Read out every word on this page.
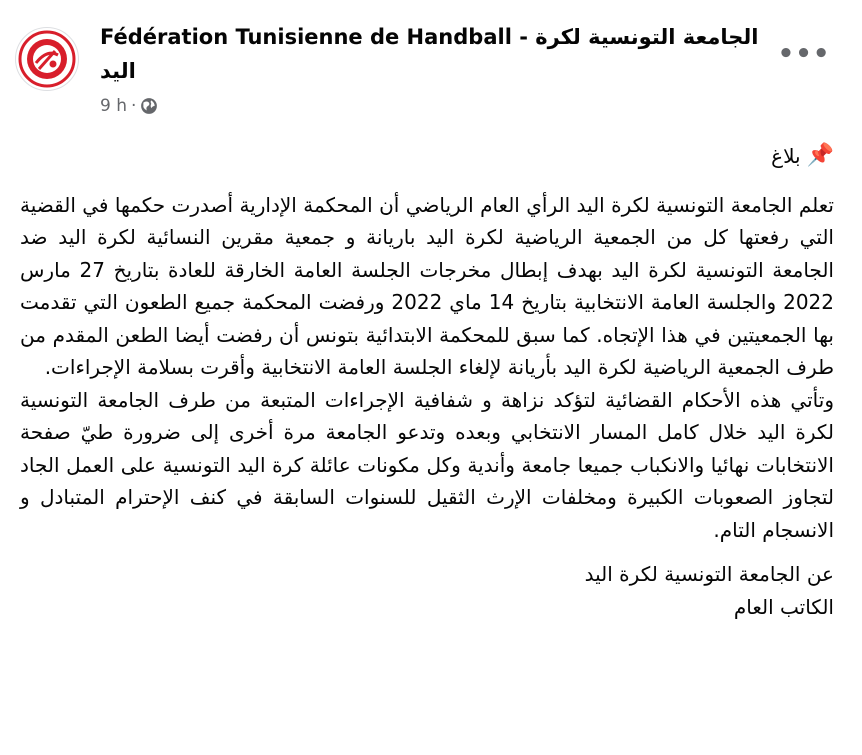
Fédération Tunisienne de Handball - الجامعة التونسية لكرة اليد
9 h ·
•••
📌
بلاغ

تعلم الجامعة التونسية لكرة اليد الرأي العام الرياضي أن المحكمة الإدارية أصدرت حكمها في القضية التي رفعتها كل من الجمعية الرياضية لكرة اليد باريانة و جمعية مقرين النسائية لكرة اليد ضد الجامعة التونسية لكرة اليد بهدف إبطال مخرجات الجلسة العامة الخارقة للعادة بتاريخ 27 مارس 2022 والجلسة العامة الانتخابية بتاريخ 14 ماي 2022 ورفضت المحكمة جميع الطعون التي تقدمت بها الجمعيتين في هذا الإتجاه. كما سبق للمحكمة الابتدائية بتونس أن رفضت أيضا الطعن المقدم من طرف الجمعية الرياضية لكرة اليد بأريانة لإلغاء الجلسة العامة الانتخابية وأقرت بسلامة الإجراءات.

وتأتي هذه الأحكام القضائية لتؤكد نزاهة و شفافية الإجراءات المتبعة من طرف الجامعة التونسية لكرة اليد خلال كامل المسار الانتخابي وبعده وتدعو الجامعة مرة أخرى إلى ضرورة طيّ صفحة الانتخابات نهائيا والانكباب جميعا جامعة وأندية وكل مكونات عائلة كرة اليد التونسية على العمل الجاد لتجاوز الصعوبات الكبيرة ومخلفات الإرث الثقيل للسنوات السابقة في كنف الإحترام المتبادل و الانسجام التام.

عن الجامعة التونسية لكرة اليد

الكاتب العام
